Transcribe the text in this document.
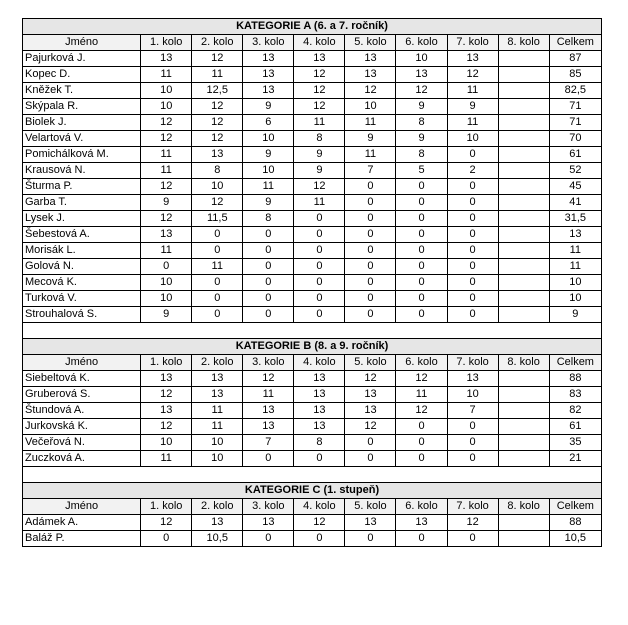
KATEGORIE A (6. a 7. ročník)									
Jméno	1. kolo	2. kolo	3. kolo	4. kolo	5. kolo	6. kolo	7. kolo	8. kolo	Celkem
Pajurková J.	13	12	13	13	13	10	13		87
Kopec D.	11	11	13	12	13	13	12		85
Kněžek T.	10	12,5	13	12	12	12	11		82,5
Skýpala R.	10	12	9	12	10	9	9		71
Biolek J.	12	12	6	11	11	8	11		71
Velartová V.	12	12	10	8	9	9	10		70
Pomichálková M.	11	13	9	9	11	8	0		61
Krausová N.	11	8	10	9	7	5	2		52
Šturma P.	12	10	11	12	0	0	0		45
Garba T.	9	12	9	11	0	0	0		41
Lysek J.	12	11,5	8	0	0	0	0		31,5
Šebestová A.	13	0	0	0	0	0	0		13
Morisák L.	11	0	0	0	0	0	0		11
Golová N.	0	11	0	0	0	0	0		11
Mecová K.	10	0	0	0	0	0	0		10
Turková V.	10	0	0	0	0	0	0		10
Strouhalová S.	9	0	0	0	0	0	0		9

KATEGORIE B (8. a 9. ročník)									
Jméno	1. kolo	2. kolo	3. kolo	4. kolo	5. kolo	6. kolo	7. kolo	8. kolo	Celkem
Siebeltová K.	13	13	12	13	12	12	13		88
Gruberová S.	12	13	11	13	13	11	10		83
Štundová A.	13	11	13	13	13	12	7		82
Jurkovská K.	12	11	13	13	12	0	0		61
Večeřová N.	10	10	7	8	0	0	0		35
Zuczková A.	11	10	0	0	0	0	0		21

KATEGORIE C (1. stupeň)									
Jméno	1. kolo	2. kolo	3. kolo	4. kolo	5. kolo	6. kolo	7. kolo	8. kolo	Celkem
Adámek A.	12	13	13	12	13	13	12		88
Baláž P.	0	10,5	0	0	0	0	0		10,5
